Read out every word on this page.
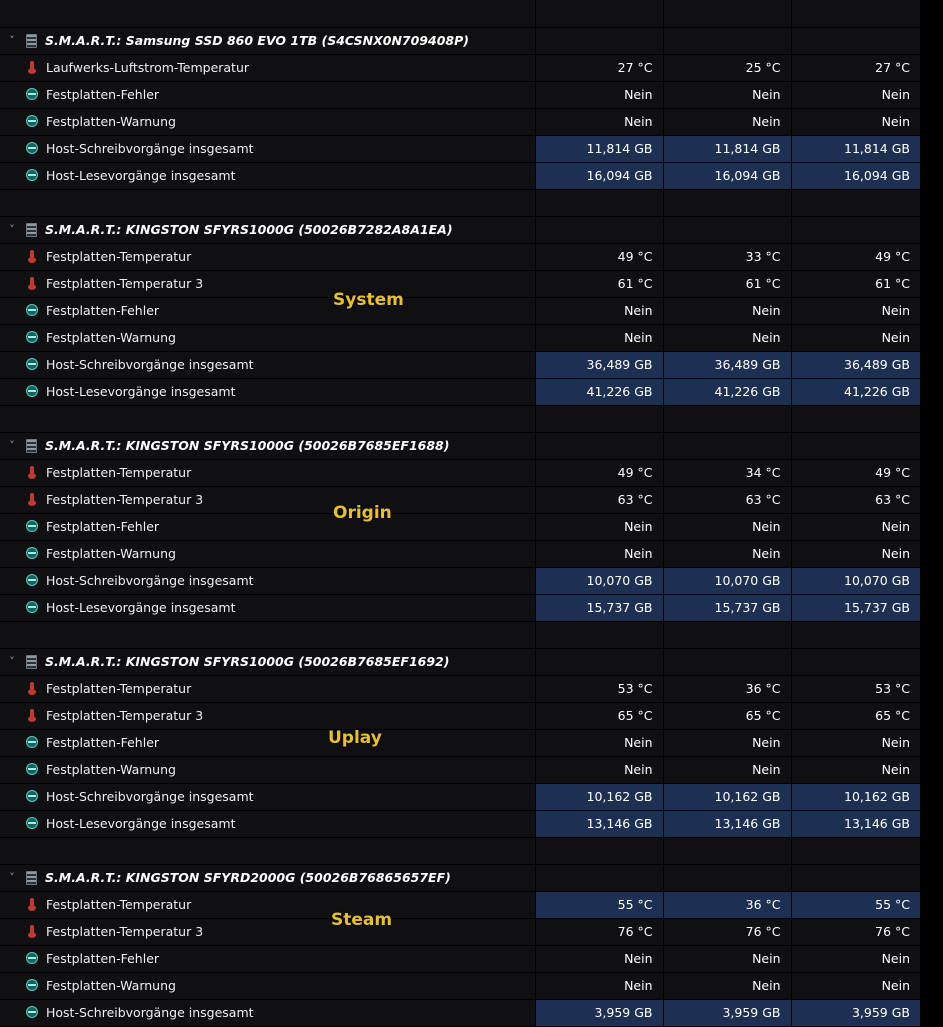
˅ S.M.A.R.T.: Samsung SSD 860 EVO 1TB (S4CSNX0N709408P)			

Laufwerks-Luftstrom-Temperatur	27 °C	25 °C	27 °C

Festplatten-Fehler	Nein	Nein	Nein

Festplatten-Warnung	Nein	Nein	Nein

Host-Schreibvorgänge insgesamt	11,814 GB	11,814 GB	11,814 GB

Host-Lesevorgänge insgesamt	16,094 GB	16,094 GB	16,094 GB

˅ S.M.A.R.T.: KINGSTON SFYRS1000G (50026B7282A8A1EA)			

Festplatten-Temperatur	49 °C	33 °C	49 °C

Festplatten-Temperatur 3	61 °C	61 °C	61 °C

Festplatten-Fehler	Nein	Nein	Nein

Festplatten-Warnung	Nein	Nein	Nein

Host-Schreibvorgänge insgesamt	36,489 GB	36,489 GB	36,489 GB

Host-Lesevorgänge insgesamt	41,226 GB	41,226 GB	41,226 GB

˅ S.M.A.R.T.: KINGSTON SFYRS1000G (50026B7685EF1688)			

Festplatten-Temperatur	49 °C	34 °C	49 °C

Festplatten-Temperatur 3	63 °C	63 °C	63 °C

Festplatten-Fehler	Nein	Nein	Nein

Festplatten-Warnung	Nein	Nein	Nein

Host-Schreibvorgänge insgesamt	10,070 GB	10,070 GB	10,070 GB

Host-Lesevorgänge insgesamt	15,737 GB	15,737 GB	15,737 GB

˅ S.M.A.R.T.: KINGSTON SFYRS1000G (50026B7685EF1692)			

Festplatten-Temperatur	53 °C	36 °C	53 °C

Festplatten-Temperatur 3	65 °C	65 °C	65 °C

Festplatten-Fehler	Nein	Nein	Nein

Festplatten-Warnung	Nein	Nein	Nein

Host-Schreibvorgänge insgesamt	10,162 GB	10,162 GB	10,162 GB

Host-Lesevorgänge insgesamt	13,146 GB	13,146 GB	13,146 GB

˅ S.M.A.R.T.: KINGSTON SFYRD2000G (50026B76865657EF)			

Festplatten-Temperatur	55 °C	36 °C	55 °C

Festplatten-Temperatur 3	76 °C	76 °C	76 °C

Festplatten-Fehler	Nein	Nein	Nein

Festplatten-Warnung	Nein	Nein	Nein

Host-Schreibvorgänge insgesamt	3,959 GB	3,959 GB	3,959 GB
System
Origin
Uplay
Steam
